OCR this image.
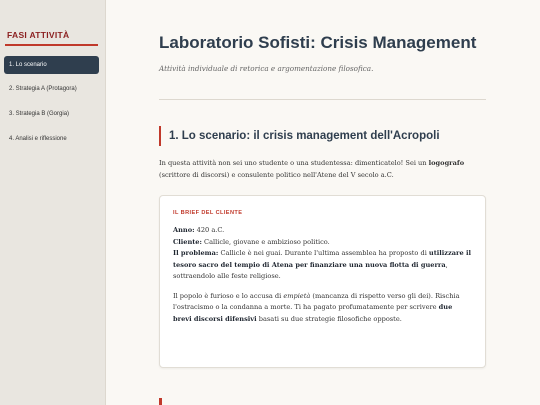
FASI ATTIVITÀ
1. Lo scenario
2. Strategia A (Protagora)
3. Strategia B (Gorgia)
4. Analisi e riflessione
Laboratorio Sofisti: Crisis Management
Attività individuale di retorica e argomentazione filosofica.
1. Lo scenario: il crisis management dell'Acropoli

In questa attività non sei uno studente o una studentessa: dimenticatelo! Sei un logografo (scrittore di discorsi) e consulente politico nell'Atene del V secolo a.C.

IL BRIEF DEL CLIENTE

Anno: 420 a.C.
Cliente: Callicle, giovane e ambizioso politico.
Il problema: Callicle è nei guai. Durante l'ultima assemblea ha proposto di utilizzare il tesoro sacro del tempio di Atena per finanziare una nuova flotta di guerra, sottraendolo alle feste religiose.

Il popolo è furioso e lo accusa di empietà (mancanza di rispetto verso gli dei). Rischia l'ostracismo o la condanna a morte. Ti ha pagato profumatamente per scrivere due brevi discorsi difensivi basati su due strategie filosofiche opposte.
